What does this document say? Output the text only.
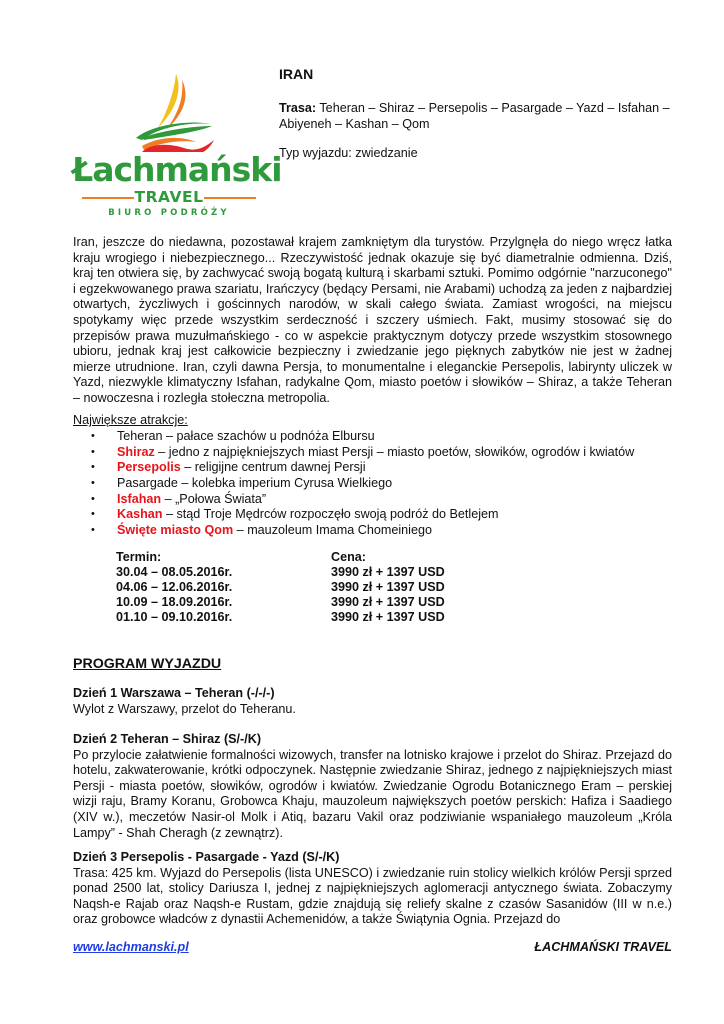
Łachmański
TRAVEL
BIURO PODRÓŻY
IRAN
Trasa: Teheran – Shiraz – Persepolis – Pasargade – Yazd – Isfahan – Abiyeneh – Kashan – Qom
Typ wyjazdu: zwiedzanie
Iran, jeszcze do niedawna, pozostawał krajem zamkniętym dla turystów. Przylgnęła do niego wręcz łatka kraju wrogiego i niebezpiecznego... Rzeczywistość jednak okazuje się być diametralnie odmienna. Dziś, kraj ten otwiera się, by zachwycać swoją bogatą kulturą i skarbami sztuki. Pomimo odgórnie "narzuconego" i egzekwowanego prawa szariatu, Irańczycy (będący Persami, nie Arabami) uchodzą za jeden z najbardziej otwartych, życzliwych i gościnnych narodów, w skali całego świata. Zamiast wrogości, na miejscu spotykamy więc przede wszystkim serdeczność i szczery uśmiech. Fakt, musimy stosować się do przepisów prawa muzułmańskiego - co w aspekcie praktycznym dotyczy przede wszystkim stosownego ubioru, jednak kraj jest całkowicie bezpieczny i zwiedzanie jego pięknych zabytków nie jest w żadnej mierze utrudnione. Iran, czyli dawna Persja, to monumentalne i eleganckie Persepolis, labirynty uliczek w Yazd, niezwykle klimatyczny Isfahan, radykalne Qom, miasto poetów i słowików – Shiraz, a także Teheran – nowoczesna i rozległa stołeczna metropolia.
Największe atrakcje:
• Teheran – pałace szachów u podnóża Elbursu
• Shiraz – jedno z najpiękniejszych miast Persji – miasto poetów, słowików, ogrodów i kwiatów
• Persepolis – religijne centrum dawnej Persji
• Pasargade – kolebka imperium Cyrusa Wielkiego
• Isfahan – „Połowa Świata”
• Kashan – stąd Troje Mędrców rozpoczęło swoją podróż do Betlejem
• Święte miasto Qom – mauzoleum Imama Chomeiniego
Termin:	Cena:
30.04 – 08.05.2016r.	3990 zł + 1397 USD
04.06 – 12.06.2016r.	3990 zł + 1397 USD
10.09 – 18.09.2016r.	3990 zł + 1397 USD
01.10 – 09.10.2016r.	3990 zł + 1397 USD
PROGRAM WYJAZDU
Dzień 1 Warszawa – Teheran (-/-/-)
Wylot z Warszawy, przelot do Teheranu.
Dzień 2 Teheran – Shiraz (S/-/K)
Po przylocie załatwienie formalności wizowych, transfer na lotnisko krajowe i przelot do Shiraz. Przejazd do hotelu, zakwaterowanie, krótki odpoczynek. Następnie zwiedzanie Shiraz, jednego z najpiękniejszych miast Persji - miasta poetów, słowików, ogrodów i kwiatów. Zwiedzanie Ogrodu Botanicznego Eram – perskiej wizji raju, Bramy Koranu, Grobowca Khaju, mauzoleum największych poetów perskich: Hafiza i Saadiego (XIV w.), meczetów Nasir-ol Molk i Atiq, bazaru Vakil oraz podziwianie wspaniałego mauzoleum „Króla Lampy” - Shah Cheragh (z zewnątrz).
Dzień 3 Persepolis - Pasargade - Yazd (S/-/K)
Trasa: 425 km. Wyjazd do Persepolis (lista UNESCO) i zwiedzanie ruin stolicy wielkich królów Persji sprzed ponad 2500 lat, stolicy Dariusza I, jednej z najpiękniejszych aglomeracji antycznego świata. Zobaczymy Naqsh-e Rajab oraz Naqsh-e Rustam, gdzie znajdują się reliefy skalne z czasów Sasanidów (III w n.e.) oraz grobowce władców z dynastii Achemenidów, a także Świątynia Ognia. Przejazd do
www.lachmanski.pl	ŁACHMAŃSKI TRAVEL
